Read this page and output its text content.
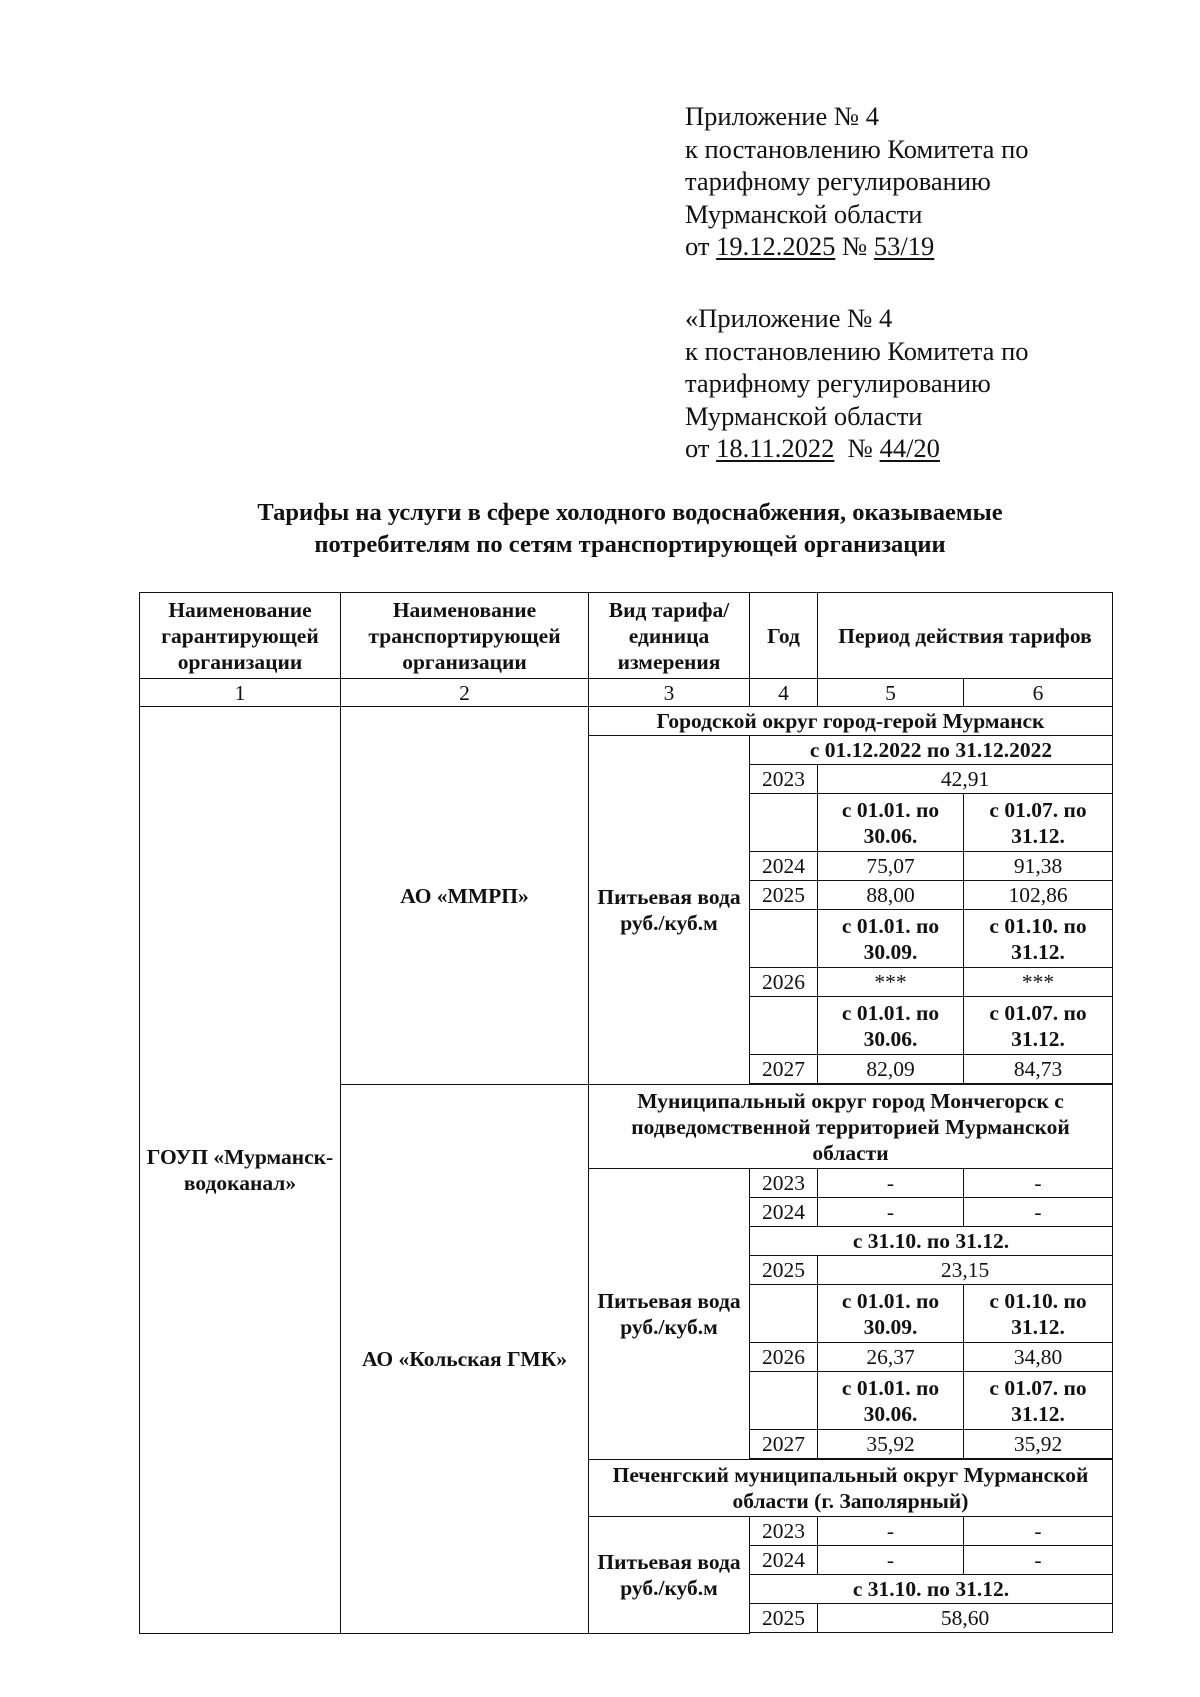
Приложение № 4
к постановлению Комитета по
тарифному регулированию
Мурманской области
от 19.12.2025 № 53/19
«Приложение № 4
к постановлению Комитета по
тарифному регулированию
Мурманской области
от 18.11.2022 № 44/20
Тарифы на услуги в сфере холодного водоснабжения, оказываемые
потребителям по сетям транспортирующей организации
Наименование гарантирующей организации	Наименование транспортирующей организации	Вид тарифа/ единица измерения	Год	Период действия тарифов	
1	2	3	4	5	6
ГОУП «Мурманск-водоканал»	АО «ММРП»	Городской округ город-герой Мурманск			
		Питьевая вода руб./куб.м	с 01.12.2022 по 31.12.2022		
			2023	42,91	
				с 01.01. по 30.06.	с 01.07. по 31.12.
			2024	75,07	91,38
			2025	88,00	102,86
				с 01.01. по 30.09.	с 01.10. по 31.12.
			2026	***	***
				с 01.01. по 30.06.	с 01.07. по 31.12.
			2027	82,09	84,73

	АО «Кольская ГМК»	Муниципальный округ город Мончегорск с подведомственной территорией Мурманской области			
		Питьевая вода руб./куб.м	2023	-	-
			2024	-	-
			с 31.10. по 31.12.		
			2025	23,15	
				с 01.01. по 30.09.	с 01.10. по 31.12.
			2026	26,37	34,80
				с 01.01. по 30.06.	с 01.07. по 31.12.
			2027	35,92	35,92

		Печенгский муниципальный округ Мурманской области (г. Заполярный)			
		Питьевая вода руб./куб.м	2023	-	-
			2024	-	-
			с 31.10. по 31.12.		
			2025	58,60	
